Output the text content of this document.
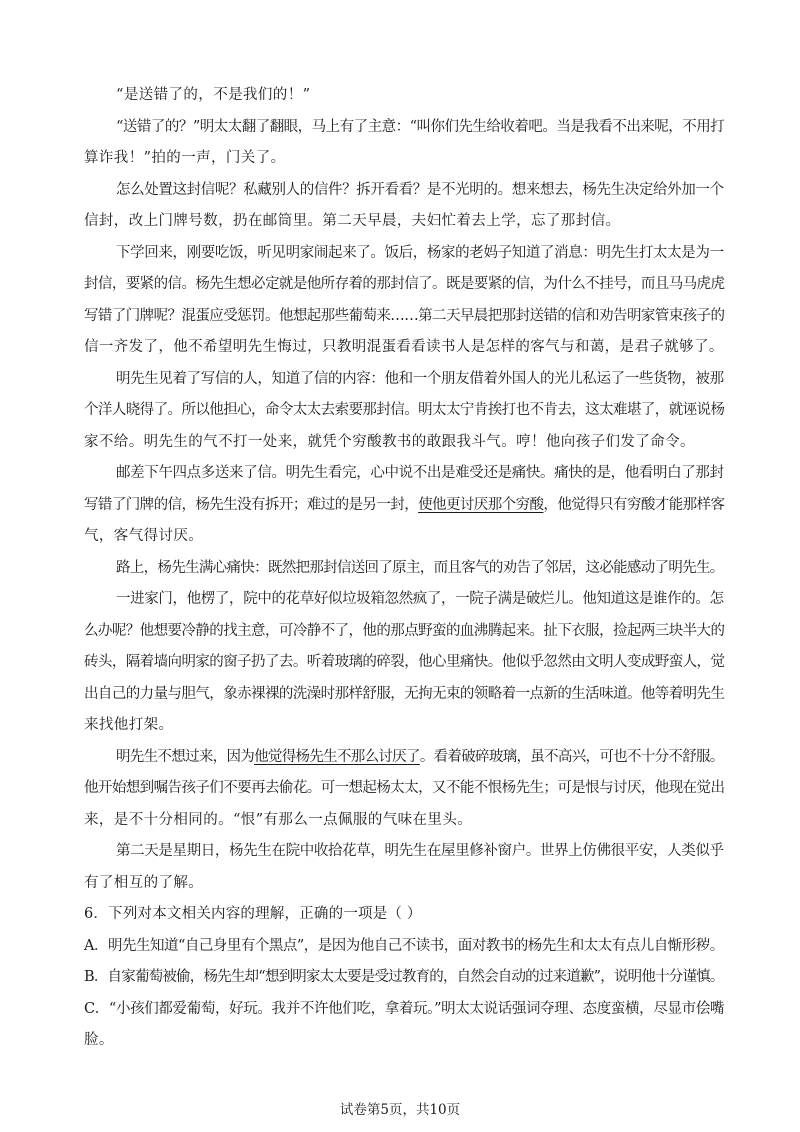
“是送错了的，不是我们的！”
“送错了的？”明太太翻了翻眼，马上有了主意：“叫你们先生给收着吧。当是我看不出来呢，不用打
算诈我！”拍的一声，门关了。
怎么处置这封信呢？私藏别人的信件？拆开看看？是不光明的。想来想去，杨先生决定给外加一个
信封，改上门牌号数，扔在邮筒里。第二天早晨，夫妇忙着去上学，忘了那封信。
下学回来，刚要吃饭，听见明家闹起来了。饭后，杨家的老妈子知道了消息：明先生打太太是为一
封信，要紧的信。杨先生想必定就是他所存着的那封信了。既是要紧的信，为什么不挂号，而且马马虎虎
写错了门牌呢？混蛋应受惩罚。他想起那些葡萄来……第二天早晨把那封送错的信和劝告明家管束孩子的
信一齐发了，他不希望明先生悔过，只教明混蛋看看读书人是怎样的客气与和蔼，是君子就够了。
明先生见着了写信的人，知道了信的内容：他和一个朋友借着外国人的光儿私运了一些货物，被那
个洋人晓得了。所以他担心，命令太太去索要那封信。明太太宁肯挨打也不肯去，这太难堪了，就诬说杨
家不给。明先生的气不打一处来，就凭个穷酸教书的敢跟我斗气。哼！他向孩子们发了命令。
邮差下午四点多送来了信。明先生看完，心中说不出是难受还是痛快。痛快的是，他看明白了那封
写错了门牌的信，杨先生没有拆开；难过的是另一封，使他更讨厌那个穷酸，他觉得只有穷酸才能那样客
气，客气得讨厌。
路上，杨先生满心痛快：既然把那封信送回了原主，而且客气的劝告了邻居，这必能感动了明先生。
一进家门，他楞了，院中的花草好似垃圾箱忽然疯了，一院子满是破烂儿。他知道这是谁作的。怎
么办呢？他想要冷静的找主意，可冷静不了，他的那点野蛮的血沸腾起来。扯下衣服，捡起两三块半大的
砖头，隔着墙向明家的窗子扔了去。听着玻璃的碎裂，他心里痛快。他似乎忽然由文明人变成野蛮人，觉
出自己的力量与胆气，象赤裸裸的洗澡时那样舒服，无拘无束的领略着一点新的生活味道。他等着明先生
来找他打架。
明先生不想过来，因为他觉得杨先生不那么讨厌了。看着破碎玻璃，虽不高兴，可也不十分不舒服。
他开始想到嘱告孩子们不要再去偷花。可一想起杨太太，又不能不恨杨先生；可是恨与讨厌，他现在觉出
来，是不十分相同的。“恨”有那么一点佩服的气味在里头。
第二天是星期日，杨先生在院中收拾花草，明先生在屋里修补窗户。世界上仿佛很平安，人类似乎
有了相互的了解。
6．下列对本文相关内容的理解，正确的一项是（ ）
A．明先生知道“自己身里有个黑点”，是因为他自己不读书，面对教书的杨先生和太太有点儿自惭形秽。
B．自家葡萄被偷，杨先生却“想到明家太太要是受过教育的，自然会自动的过来道歉”，说明他十分谨慎。
C．“小孩们都爱葡萄，好玩。我并不许他们吃，拿着玩。”明太太说话强词夺理、态度蛮横，尽显市侩嘴
脸。
试卷第5页，共10页
